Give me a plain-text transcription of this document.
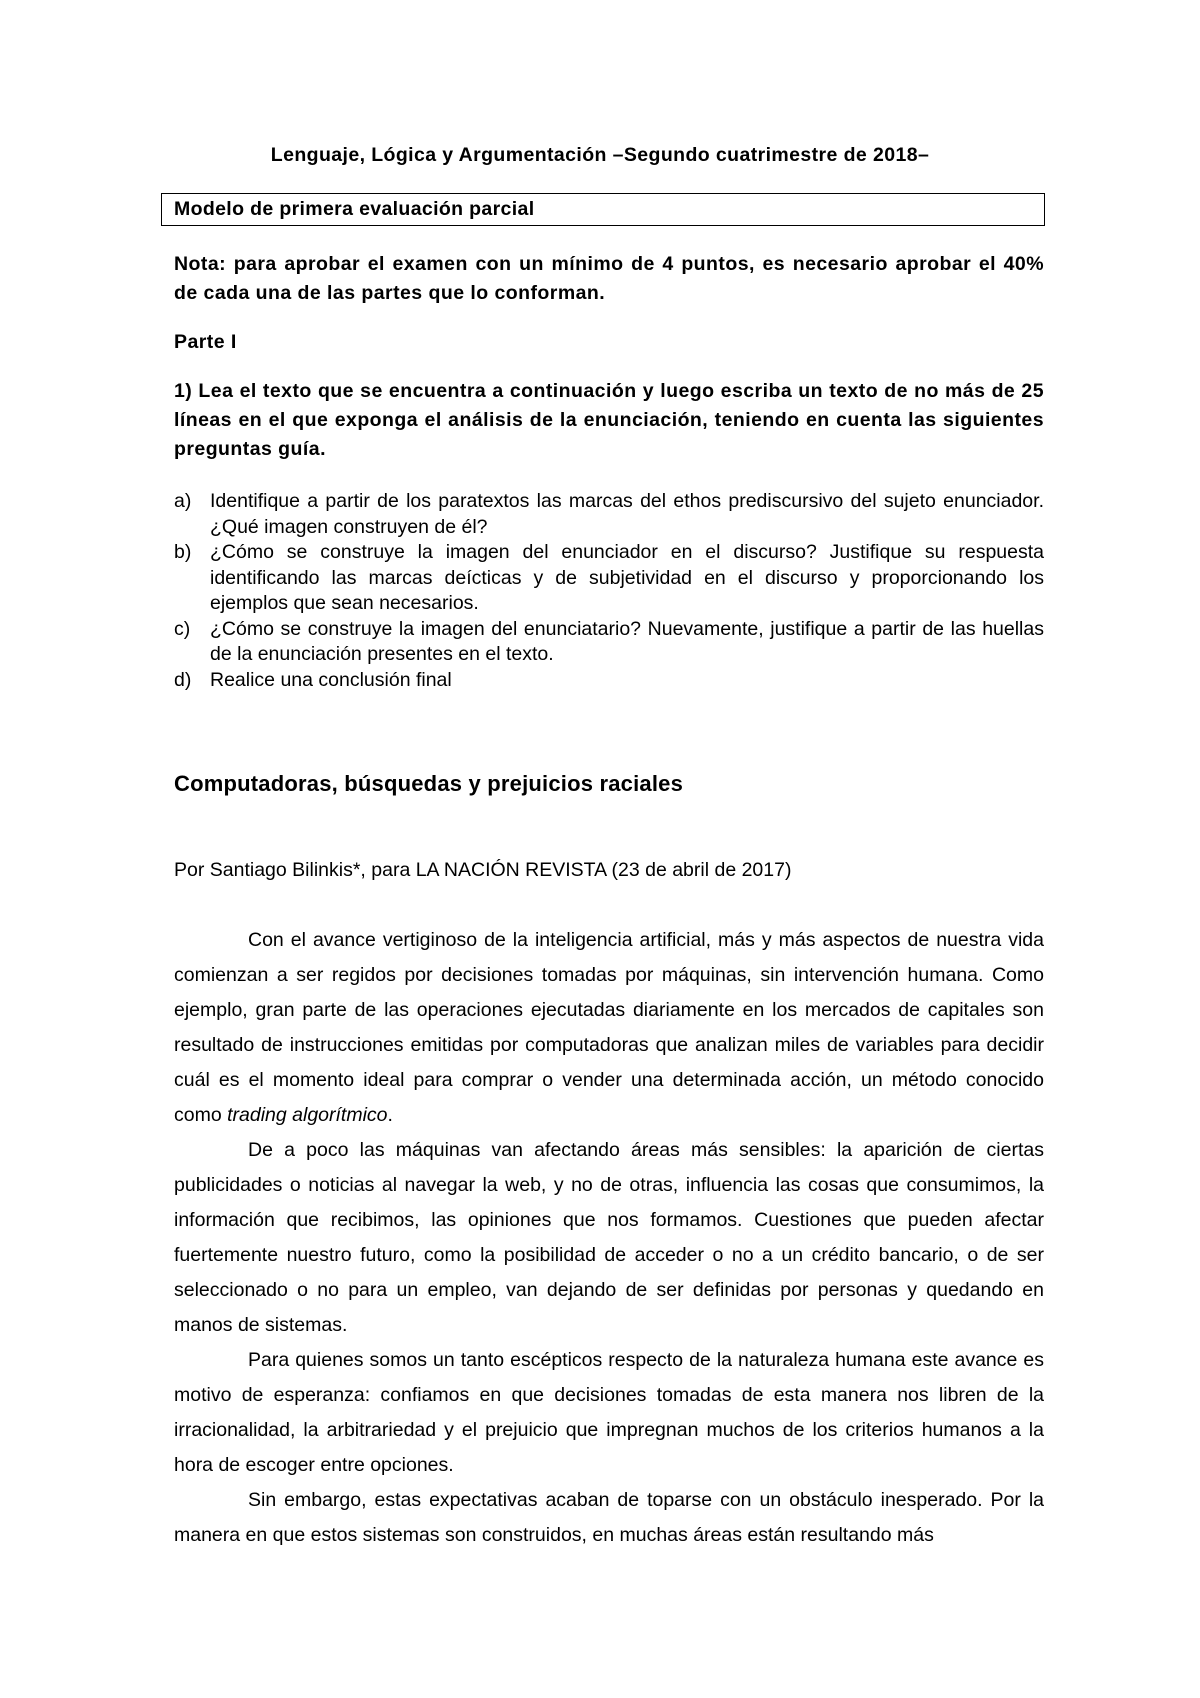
Lenguaje, Lógica y Argumentación –Segundo cuatrimestre de 2018–

Modelo de primera evaluación parcial

Nota: para aprobar el examen con un mínimo de 4 puntos, es necesario aprobar el 40% de cada una de las partes que lo conforman.

Parte I

1) Lea el texto que se encuentra a continuación y luego escriba un texto de no más de 25 líneas en el que exponga el análisis de la enunciación, teniendo en cuenta las siguientes preguntas guía.

a) Identifique a partir de los paratextos las marcas del ethos prediscursivo del sujeto enunciador. ¿Qué imagen construyen de él?
b) ¿Cómo se construye la imagen del enunciador en el discurso? Justifique su respuesta identificando las marcas deícticas y de subjetividad en el discurso y proporcionando los ejemplos que sean necesarios.
c) ¿Cómo se construye la imagen del enunciatario? Nuevamente, justifique a partir de las huellas de la enunciación presentes en el texto.
d) Realice una conclusión final
Computadoras, búsquedas y prejuicios raciales

Por Santiago Bilinkis*, para LA NACIÓN REVISTA (23 de abril de 2017)

Con el avance vertiginoso de la inteligencia artificial, más y más aspectos de nuestra vida comienzan a ser regidos por decisiones tomadas por máquinas, sin intervención humana. Como ejemplo, gran parte de las operaciones ejecutadas diariamente en los mercados de capitales son resultado de instrucciones emitidas por computadoras que analizan miles de variables para decidir cuál es el momento ideal para comprar o vender una determinada acción, un método conocido como trading algorítmico.

De a poco las máquinas van afectando áreas más sensibles: la aparición de ciertas publicidades o noticias al navegar la web, y no de otras, influencia las cosas que consumimos, la información que recibimos, las opiniones que nos formamos. Cuestiones que pueden afectar fuertemente nuestro futuro, como la posibilidad de acceder o no a un crédito bancario, o de ser seleccionado o no para un empleo, van dejando de ser definidas por personas y quedando en manos de sistemas.

Para quienes somos un tanto escépticos respecto de la naturaleza humana este avance es motivo de esperanza: confiamos en que decisiones tomadas de esta manera nos libren de la irracionalidad, la arbitrariedad y el prejuicio que impregnan muchos de los criterios humanos a la hora de escoger entre opciones.

Sin embargo, estas expectativas acaban de toparse con un obstáculo inesperado. Por la manera en que estos sistemas son construidos, en muchas áreas están resultando más
